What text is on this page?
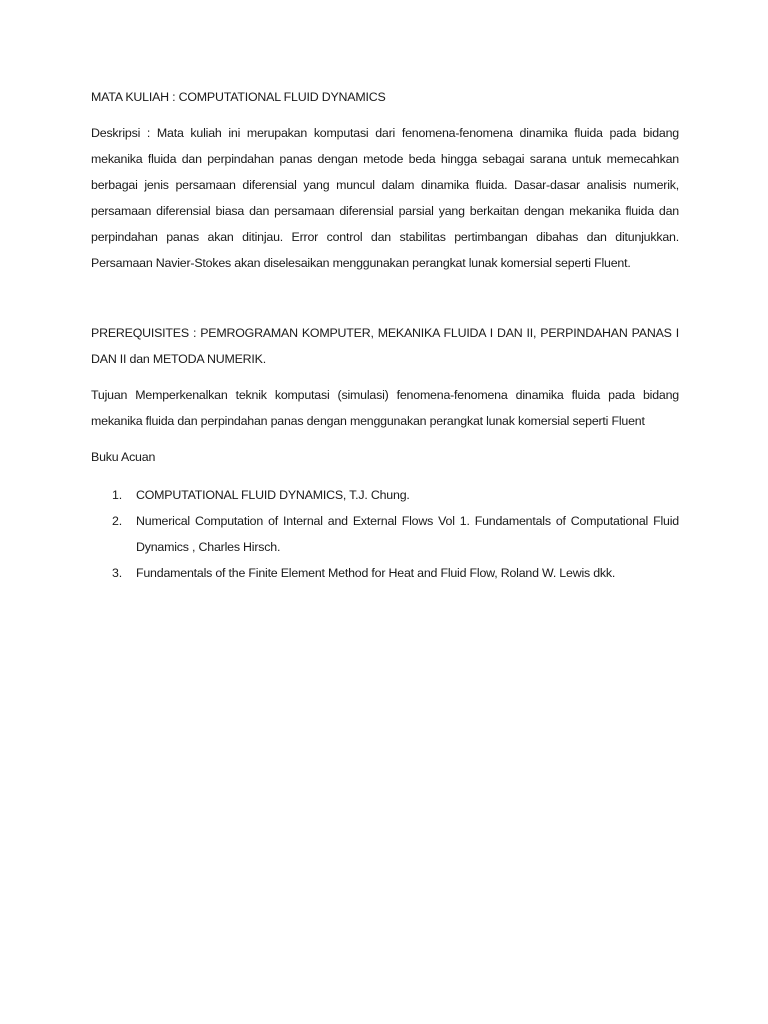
MATA KULIAH : COMPUTATIONAL FLUID DYNAMICS

Deskripsi : Mata kuliah ini merupakan komputasi dari fenomena-fenomena dinamika fluida pada bidang mekanika fluida dan perpindahan panas dengan metode beda hingga sebagai sarana untuk memecahkan berbagai jenis persamaan diferensial yang muncul dalam dinamika fluida. Dasar-dasar analisis numerik, persamaan diferensial biasa dan persamaan diferensial parsial yang berkaitan dengan mekanika fluida dan perpindahan panas akan ditinjau. Error control dan stabilitas pertimbangan dibahas dan ditunjukkan. Persamaan Navier-Stokes akan diselesaikan menggunakan perangkat lunak komersial seperti Fluent.

PREREQUISITES : PEMROGRAMAN KOMPUTER, MEKANIKA FLUIDA I DAN II, PERPINDAHAN PANAS I DAN II dan METODA NUMERIK.

Tujuan Memperkenalkan teknik komputasi (simulasi) fenomena-fenomena dinamika fluida pada bidang mekanika fluida dan perpindahan panas dengan menggunakan perangkat lunak komersial seperti Fluent

Buku Acuan

1. COMPUTATIONAL FLUID DYNAMICS, T.J. Chung.
2. Numerical Computation of Internal and External Flows Vol 1. Fundamentals of Computational Fluid Dynamics , Charles Hirsch.
3. Fundamentals of the Finite Element Method for Heat and Fluid Flow, Roland W. Lewis dkk.
